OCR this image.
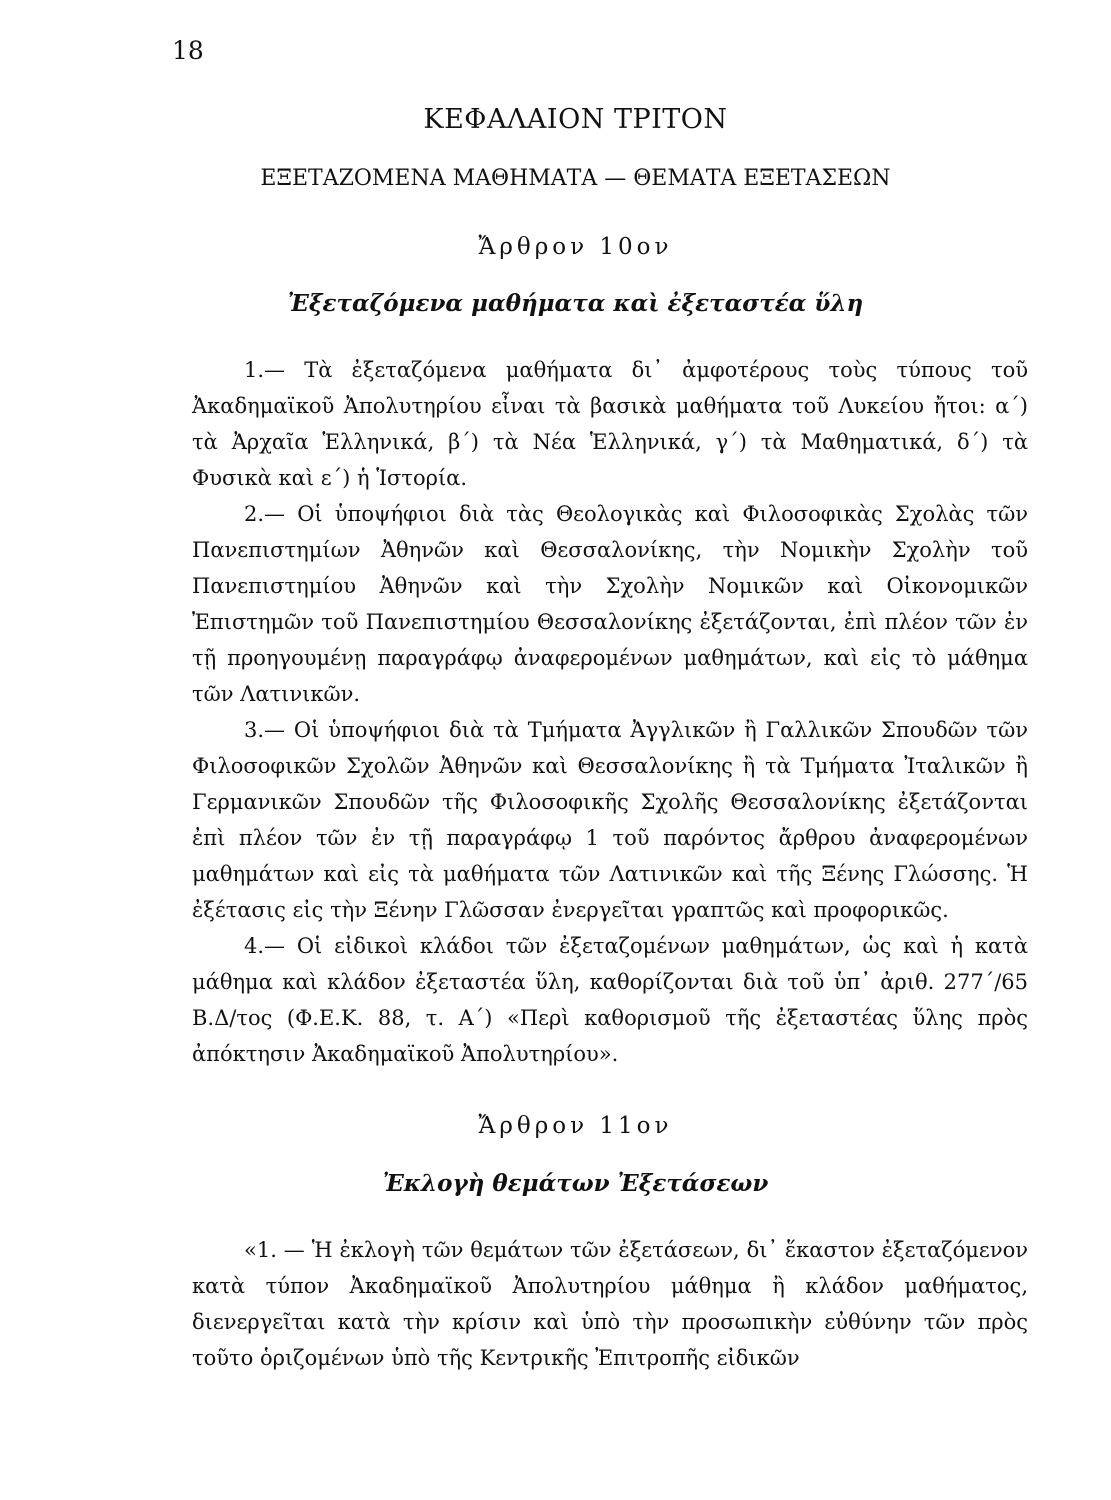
18
ΚΕΦΑΛΑΙΟΝ ΤΡΙΤΟΝ
ΕΞΕΤΑΖΟΜΕΝΑ ΜΑΘΗΜΑΤΑ — ΘΕΜΑΤΑ ΕΞΕΤΑΣΕΩΝ
Ἄρθρον 10ον
Ἐξεταζόμενα μαθήματα καὶ ἐξεταστέα ὕλη

1.— Τὰ ἐξεταζόμενα μαθήματα δι᾿ ἀμφοτέρους τοὺς τύπους τοῦ Ἀκαδημαϊκοῦ Ἀπολυτηρίου εἶναι τὰ βασικὰ μαθήματα τοῦ Λυκείου ἤτοι: α΄) τὰ Ἀρχαῖα Ἑλληνικά, β΄) τὰ Νέα Ἑλληνικά, γ΄) τὰ Μαθηματικά, δ΄) τὰ Φυσικὰ καὶ ε΄) ἡ Ἱστορία.

2.— Οἱ ὑποψήφιοι διὰ τὰς Θεολογικὰς καὶ Φιλοσοφικὰς Σχολὰς τῶν Πανεπιστημίων Ἀθηνῶν καὶ Θεσσαλονίκης, τὴν Νομικὴν Σχολὴν τοῦ Πανεπιστημίου Ἀθηνῶν καὶ τὴν Σχολὴν Νομικῶν καὶ Οἰκονομικῶν Ἐπιστημῶν τοῦ Πανεπιστημίου Θεσσαλονίκης ἐξετάζονται, ἐπὶ πλέον τῶν ἐν τῇ προηγουμένῃ παραγράφῳ ἀναφερομένων μαθημάτων, καὶ εἰς τὸ μάθημα τῶν Λατινικῶν.

3.— Οἱ ὑποψήφιοι διὰ τὰ Τμήματα Ἀγγλικῶν ἢ Γαλλικῶν Σπουδῶν τῶν Φιλοσοφικῶν Σχολῶν Ἀθηνῶν καὶ Θεσσαλονίκης ἢ τὰ Τμήματα Ἰταλικῶν ἢ Γερμανικῶν Σπουδῶν τῆς Φιλοσοφικῆς Σχολῆς Θεσσαλονίκης ἐξετάζονται ἐπὶ πλέον τῶν ἐν τῇ παραγράφῳ 1 τοῦ παρόντος ἄρθρου ἀναφερομένων μαθημάτων καὶ εἰς τὰ μαθήματα τῶν Λατινικῶν καὶ τῆς Ξένης Γλώσσης. Ἡ ἐξέτασις εἰς τὴν Ξένην Γλῶσσαν ἐνεργεῖται γραπτῶς καὶ προφορικῶς.

4.— Οἱ εἰδικοὶ κλάδοι τῶν ἐξεταζομένων μαθημάτων, ὡς καὶ ἡ κατὰ μάθημα καὶ κλάδον ἐξεταστέα ὕλη, καθορίζονται διὰ τοῦ ὑπ᾿ ἀριθ. 277΄/65 Β.Δ/τος (Φ.Ε.Κ. 88, τ. Α΄) «Περὶ καθορισμοῦ τῆς ἐξεταστέας ὕλης πρὸς ἀπόκτησιν Ἀκαδημαϊκοῦ Ἀπολυτηρίου».

Ἄρθρον 11ον
Ἐκλογὴ θεμάτων Ἐξετάσεων

«1. — Ἡ ἐκλογὴ τῶν θεμάτων τῶν ἐξετάσεων, δι᾿ ἕκαστον ἐξεταζόμενον κατὰ τύπον Ἀκαδημαϊκοῦ Ἀπολυτηρίου μάθημα ἢ κλάδον μαθήματος, διενεργεῖται κατὰ τὴν κρίσιν καὶ ὑπὸ τὴν προσωπικὴν εὐθύνην τῶν πρὸς τοῦτο ὁριζομένων ὑπὸ τῆς Κεντρικῆς Ἐπιτροπῆς εἰδικῶν
